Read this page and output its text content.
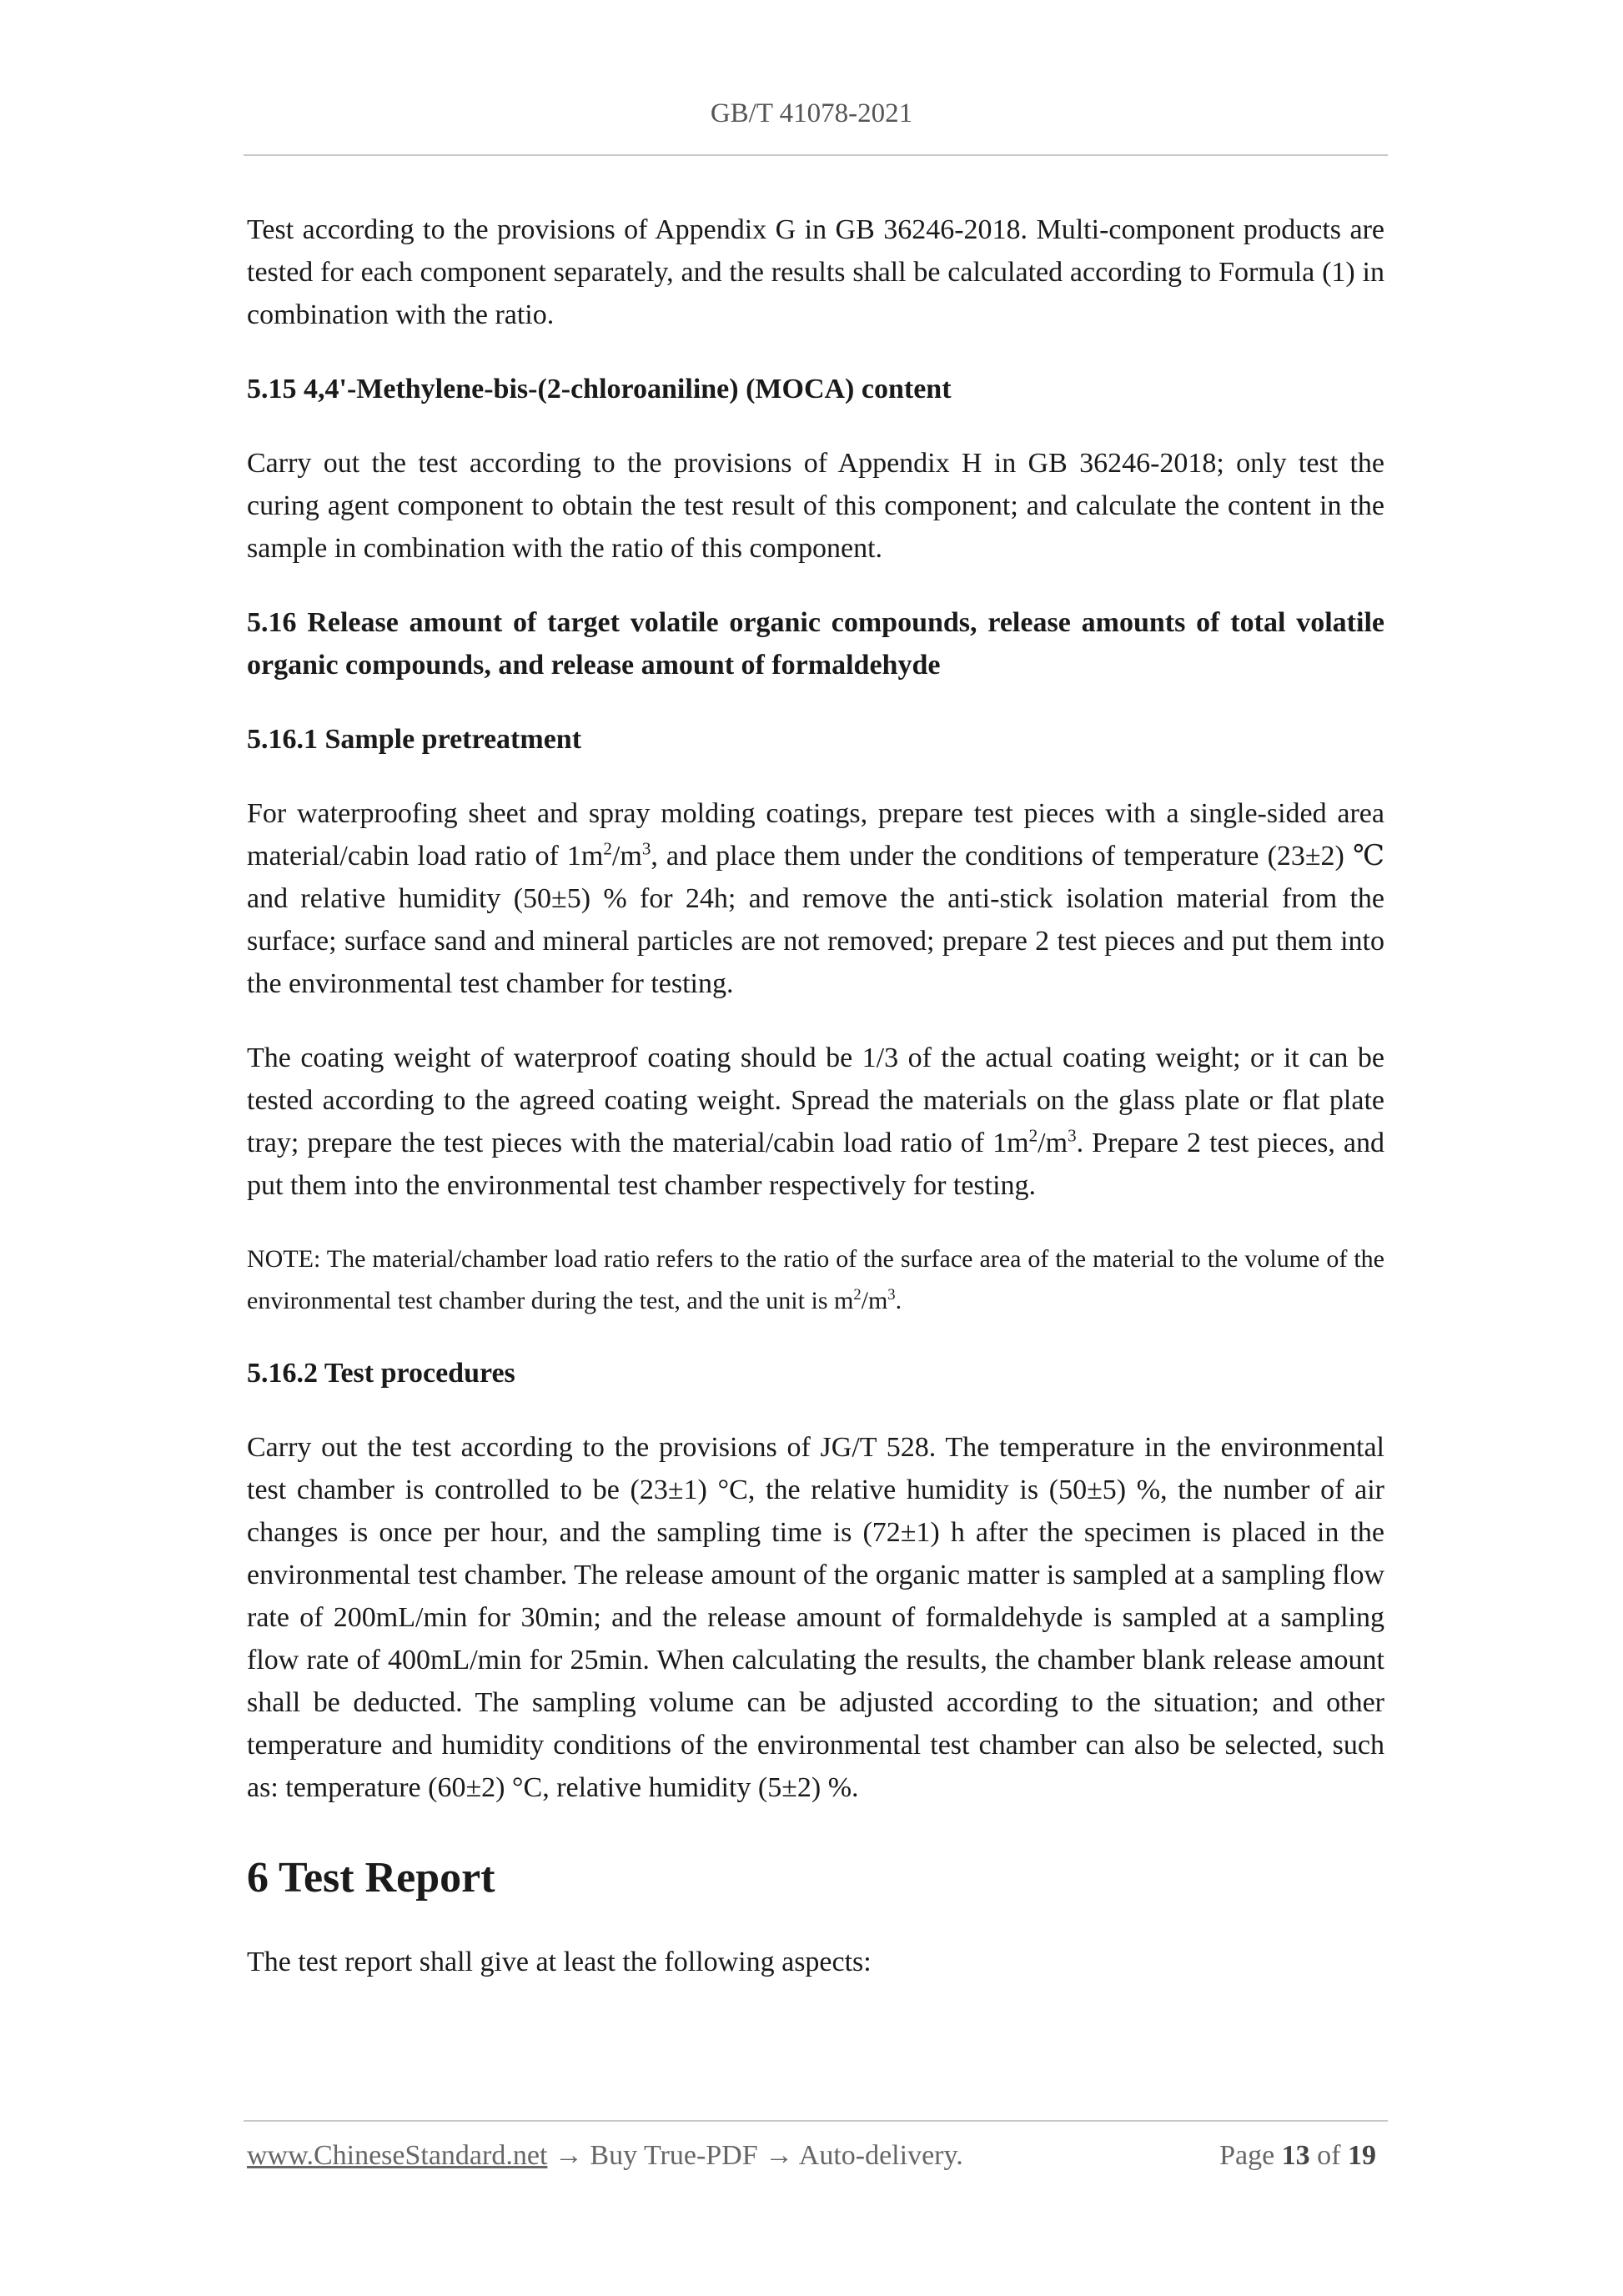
GB/T 41078-2021

Test according to the provisions of Appendix G in GB 36246-2018. Multi-component products are tested for each component separately, and the results shall be calculated according to Formula (1) in combination with the ratio.

5.15 4,4'-Methylene-bis-(2-chloroaniline) (MOCA) content

Carry out the test according to the provisions of Appendix H in GB 36246-2018; only test the curing agent component to obtain the test result of this component; and calculate the content in the sample in combination with the ratio of this component.

5.16 Release amount of target volatile organic compounds, release amounts of total volatile organic compounds, and release amount of formaldehyde
5.16.1 Sample pretreatment

For waterproofing sheet and spray molding coatings, prepare test pieces with a single-sided area material/cabin load ratio of $1m^2/m^3$, and place them under the conditions of temperature (23±2) ℃ and relative humidity (50±5) % for 24h; and remove the anti-stick isolation material from the surface; surface sand and mineral particles are not removed; prepare 2 test pieces and put them into the environmental test chamber for testing.

The coating weight of waterproof coating should be 1/3 of the actual coating weight; or it can be tested according to the agreed coating weight. Spread the materials on the glass plate or flat plate tray; prepare the test pieces with the material/cabin load ratio of $1m^2/m^3$. Prepare 2 test pieces, and put them into the environmental test chamber respectively for testing.

NOTE: The material/chamber load ratio refers to the ratio of the surface area of the material to the volume of the environmental test chamber during the test, and the unit is $m^2/m^3$.

5.16.2 Test procedures

Carry out the test according to the provisions of JG/T 528. The temperature in the environmental test chamber is controlled to be (23±1) °C, the relative humidity is (50±5) %, the number of air changes is once per hour, and the sampling time is (72±1) h after the specimen is placed in the environmental test chamber. The release amount of the organic matter is sampled at a sampling flow rate of 200mL/min for 30min; and the release amount of formaldehyde is sampled at a sampling flow rate of 400mL/min for 25min. When calculating the results, the chamber blank release amount shall be deducted. The sampling volume can be adjusted according to the situation; and other temperature and humidity conditions of the environmental test chamber can also be selected, such as: temperature (60±2) °C, relative humidity (5±2) %.

6 Test Report

The test report shall give at least the following aspects:

www.ChineseStandard.net → Buy True-PDF → Auto-delivery.	Page 13 of 19
